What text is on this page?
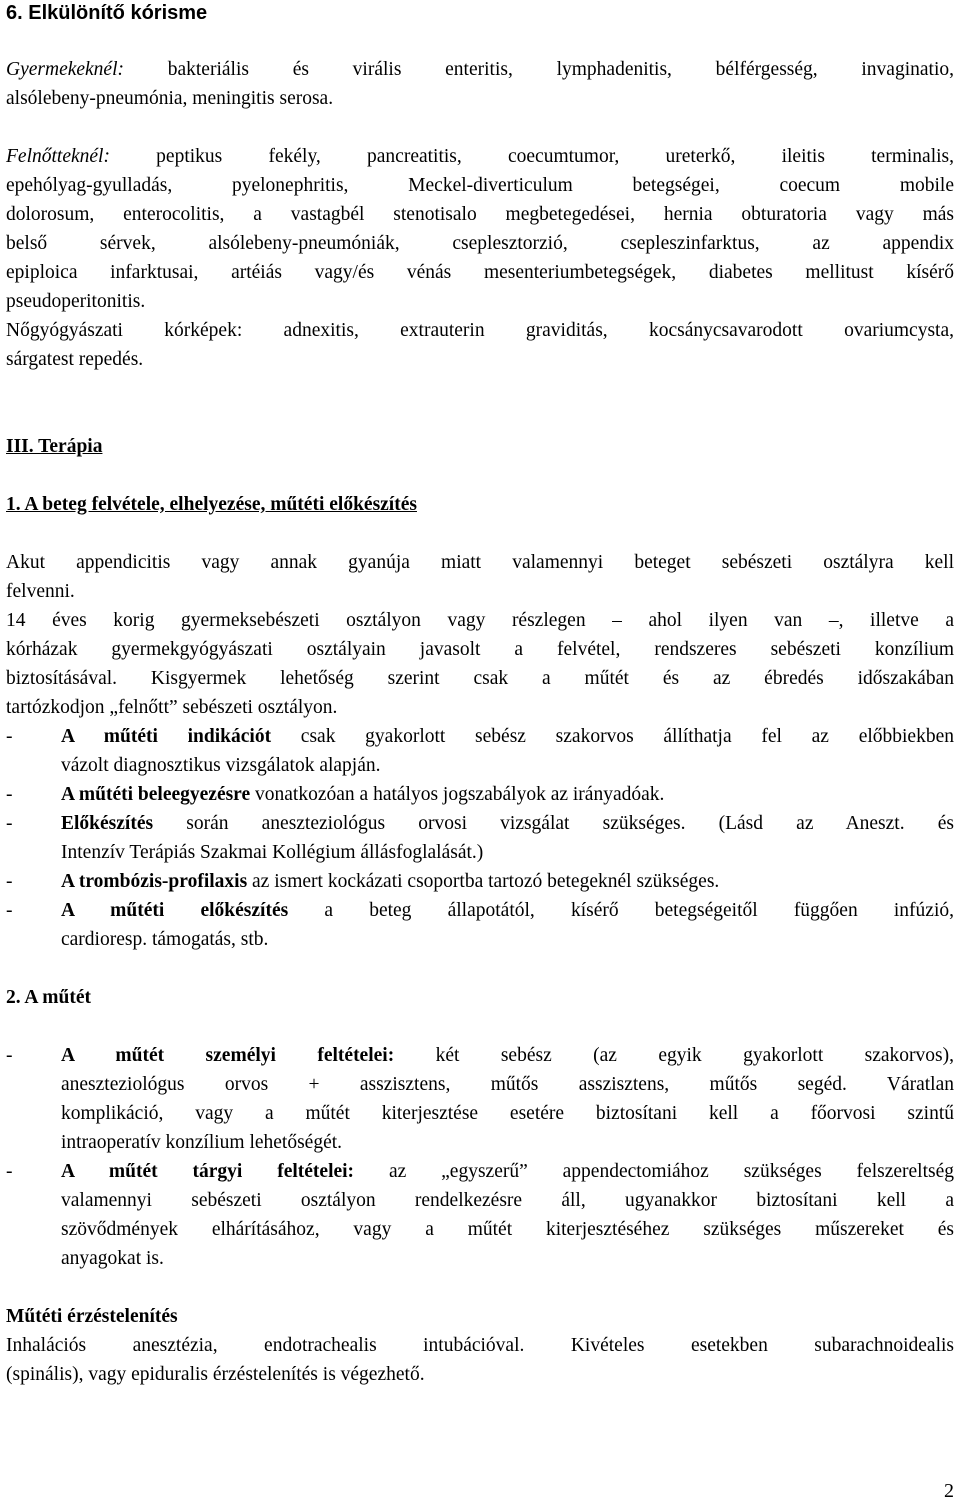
6. Elkülönítő kórisme
Gyermekeknél: bakteriális és virális enteritis, lymphadenitis, bélférgesség, invaginatio,
alsólebeny-pneumónia, meningitis serosa.
Felnőtteknél: peptikus fekély, pancreatitis, coecumtumor, ureterkő, ileitis terminalis,
epehólyag-gyulladás, pyelonephritis, Meckel-diverticulum betegségei, coecum mobile
dolorosum, enterocolitis, a vastagbél stenotisalo megbetegedései, hernia obturatoria vagy más
belső sérvek, alsólebeny-pneumóniák, cseplesztorzió, csepleszinfarktus, az appendix
epiploica infarktusai, artéiás vagy/és vénás mesenteriumbetegségek, diabetes mellitust kísérő
pseudoperitonitis.
Nőgyógyászati kórképek: adnexitis, extrauterin graviditás, kocsánycsavarodott ovariumcysta,
sárgatest repedés.
III. Terápia
1. A beteg felvétele, elhelyezése, műtéti előkészítés
Akut appendicitis vagy annak gyanúja miatt valamennyi beteget sebészeti osztályra kell
felvenni.
14 éves korig gyermeksebészeti osztályon vagy részlegen – ahol ilyen van –, illetve a
kórházak gyermekgyógyászati osztályain javasolt a felvétel, rendszeres sebészeti konzílium
biztosításával. Kisgyermek lehetőség szerint csak a műtét és az ébredés időszakában
tartózkodjon „felnőtt” sebészeti osztályon.
-	A műtéti indikációt csak gyakorlott sebész szakorvos állíthatja fel az előbbiekben
vázolt diagnosztikus vizsgálatok alapján.
-	A műtéti beleegyezésre vonatkozóan a hatályos jogszabályok az irányadóak.
-	Előkészítés során aneszteziológus orvosi vizsgálat szükséges. (Lásd az Aneszt. és
Intenzív Terápiás Szakmai Kollégium állásfoglalását.)
-	A trombózis-profilaxis az ismert kockázati csoportba tartozó betegeknél szükséges.
-	A műtéti előkészítés a beteg állapotától, kísérő betegségeitől függően infúzió,
cardioresp. támogatás, stb.
2. A műtét
-	A műtét személyi feltételei: két sebész (az egyik gyakorlott szakorvos),
aneszteziológus orvos + asszisztens, műtős asszisztens, műtős segéd. Váratlan
komplikáció, vagy a műtét kiterjesztése esetére biztosítani kell a főorvosi szintű
intraoperatív konzílium lehetőségét.
-	A műtét tárgyi feltételei: az „egyszerű” appendectomiához szükséges felszereltség
valamennyi sebészeti osztályon rendelkezésre áll, ugyanakkor biztosítani kell a
szövődmények elhárításához, vagy a műtét kiterjesztéséhez szükséges műszereket és
anyagokat is.
Műtéti érzéstelenítés
Inhalációs anesztézia, endotrachealis intubációval. Kivételes esetekben subarachnoidealis
(spinális), vagy epiduralis érzéstelenítés is végezhető.
2
